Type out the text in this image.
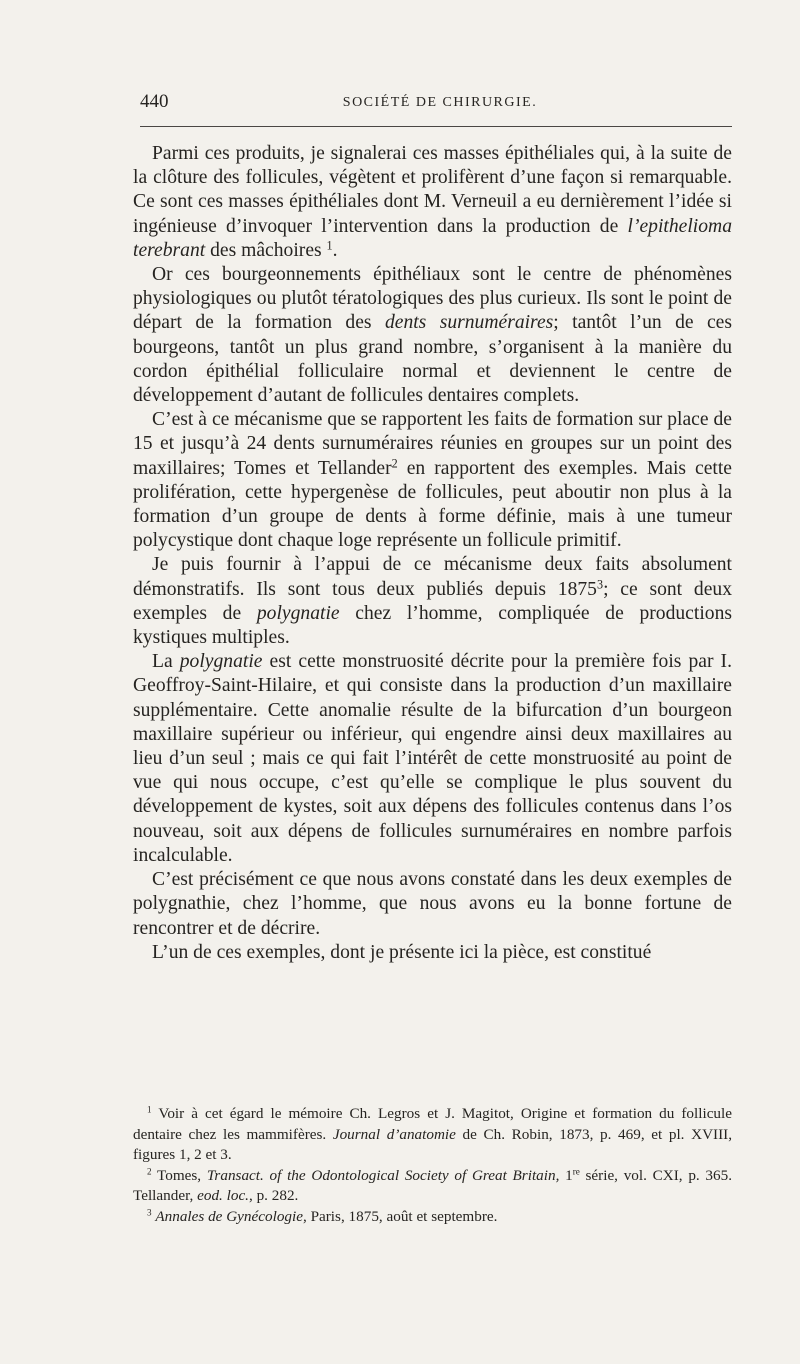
440	SOCIÉTÉ DE CHIRURGIE.

Parmi ces produits, je signalerai ces masses épithéliales qui, à la suite de la clôture des follicules, végètent et prolifèrent d’une façon si remarquable. Ce sont ces masses épithéliales dont M. Verneuil a eu dernièrement l’idée si ingénieuse d’invoquer l’intervention dans la production de l’epithelioma terebrant des mâchoires $^1$.

Or ces bourgeonnements épithéliaux sont le centre de phénomènes physiologiques ou plutôt tératologiques des plus curieux. Ils sont le point de départ de la formation des dents surnuméraires; tantôt l’un de ces bourgeons, tantôt un plus grand nombre, s’organisent à la manière du cordon épithélial folliculaire normal et deviennent le centre de développement d’autant de follicules dentaires complets.

C’est à ce mécanisme que se rapportent les faits de formation sur place de 15 et jusqu’à 24 dents surnuméraires réunies en groupes sur un point des maxillaires; Tomes et Tellander$^2$ en rapportent des exemples. Mais cette prolifération, cette hypergenèse de follicules, peut aboutir non plus à la formation d’un groupe de dents à forme définie, mais à une tumeur polycystique dont chaque loge représente un follicule primitif.

Je puis fournir à l’appui de ce mécanisme deux faits absolument démonstratifs. Ils sont tous deux publiés depuis 1875$^3$; ce sont deux exemples de polygnatie chez l’homme, compliquée de productions kystiques multiples.

La polygnatie est cette monstruosité décrite pour la première fois par I. Geoffroy-Saint-Hilaire, et qui consiste dans la production d’un maxillaire supplémentaire. Cette anomalie résulte de la bifurcation d’un bourgeon maxillaire supérieur ou inférieur, qui engendre ainsi deux maxillaires au lieu d’un seul ; mais ce qui fait l’intérêt de cette monstruosité au point de vue qui nous occupe, c’est qu’elle se complique le plus souvent du développement de kystes, soit aux dépens des follicules contenus dans l’os nouveau, soit aux dépens de follicules surnuméraires en nombre parfois incalculable.

C’est précisément ce que nous avons constaté dans les deux exemples de polygnathie, chez l’homme, que nous avons eu la bonne fortune de rencontrer et de décrire.

L’un de ces exemples, dont je présente ici la pièce, est constitué

$^1$ Voir à cet égard le mémoire Ch. Legros et J. Magitot, Origine et formation du follicule dentaire chez les mammifères. Journal d’anatomie de Ch. Robin, 1873, p. 469, et pl. XVIII, figures 1, 2 et 3.

$^2$ Tomes, Transact. of the Odontological Society of Great Britain, 1re série, vol. CXI, p. 365. Tellander, eod. loc., p. 282.

$^3$ Annales de Gynécologie, Paris, 1875, août et septembre.
